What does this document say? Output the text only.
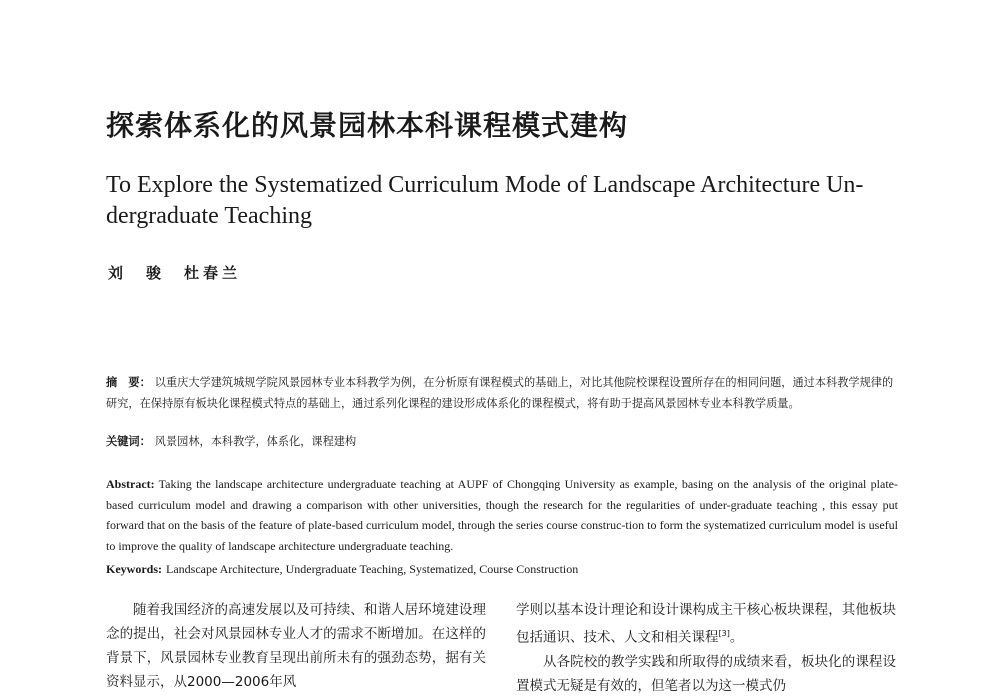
探索体系化的风景园林本科课程模式建构
To Explore the Systematized Curriculum Mode of Landscape Architecture Un-dergraduate Teaching
刘　骏　杜春兰
摘　要： 以重庆大学建筑城规学院风景园林专业本科教学为例，在分析原有课程模式的基础上，对比其他院校课程设置所存在的相同问题，通过本科教学规律的研究，在保持原有板块化课程模式特点的基础上，通过系列化课程的建设形成体系化的课程模式，将有助于提高风景园林专业本科教学质量。
关键词： 风景园林，本科教学，体系化，课程建构
Abstract: Taking the landscape architecture undergraduate teaching at AUPF of Chongqing University as example, basing on the analysis of the original plate-based curriculum model and drawing a comparison with other universities, though the research for the regularities of under-graduate teaching , this essay put forward that on the basis of the feature of plate-based curriculum model, through the series course construc-tion to form the systematized curriculum model is useful to improve the quality of landscape architecture undergraduate teaching.
Keywords: Landscape Architecture, Undergraduate Teaching, Systematized, Course Construction

随着我国经济的高速发展以及可持续、和谐人居环境建设理念的提出，社会对风景园林专业人才的需求不断增加。在这样的背景下，风景园林专业教育呈现出前所未有的强劲态势，据有关资料显示，从2000—2006年风

学则以基本设计理论和设计课构成主干核心板块课程，其他板块包括通识、技术、人文和相关课程[3]。

从各院校的教学实践和所取得的成绩来看，板块化的课程设置模式无疑是有效的，但笔者以为这一模式仍
